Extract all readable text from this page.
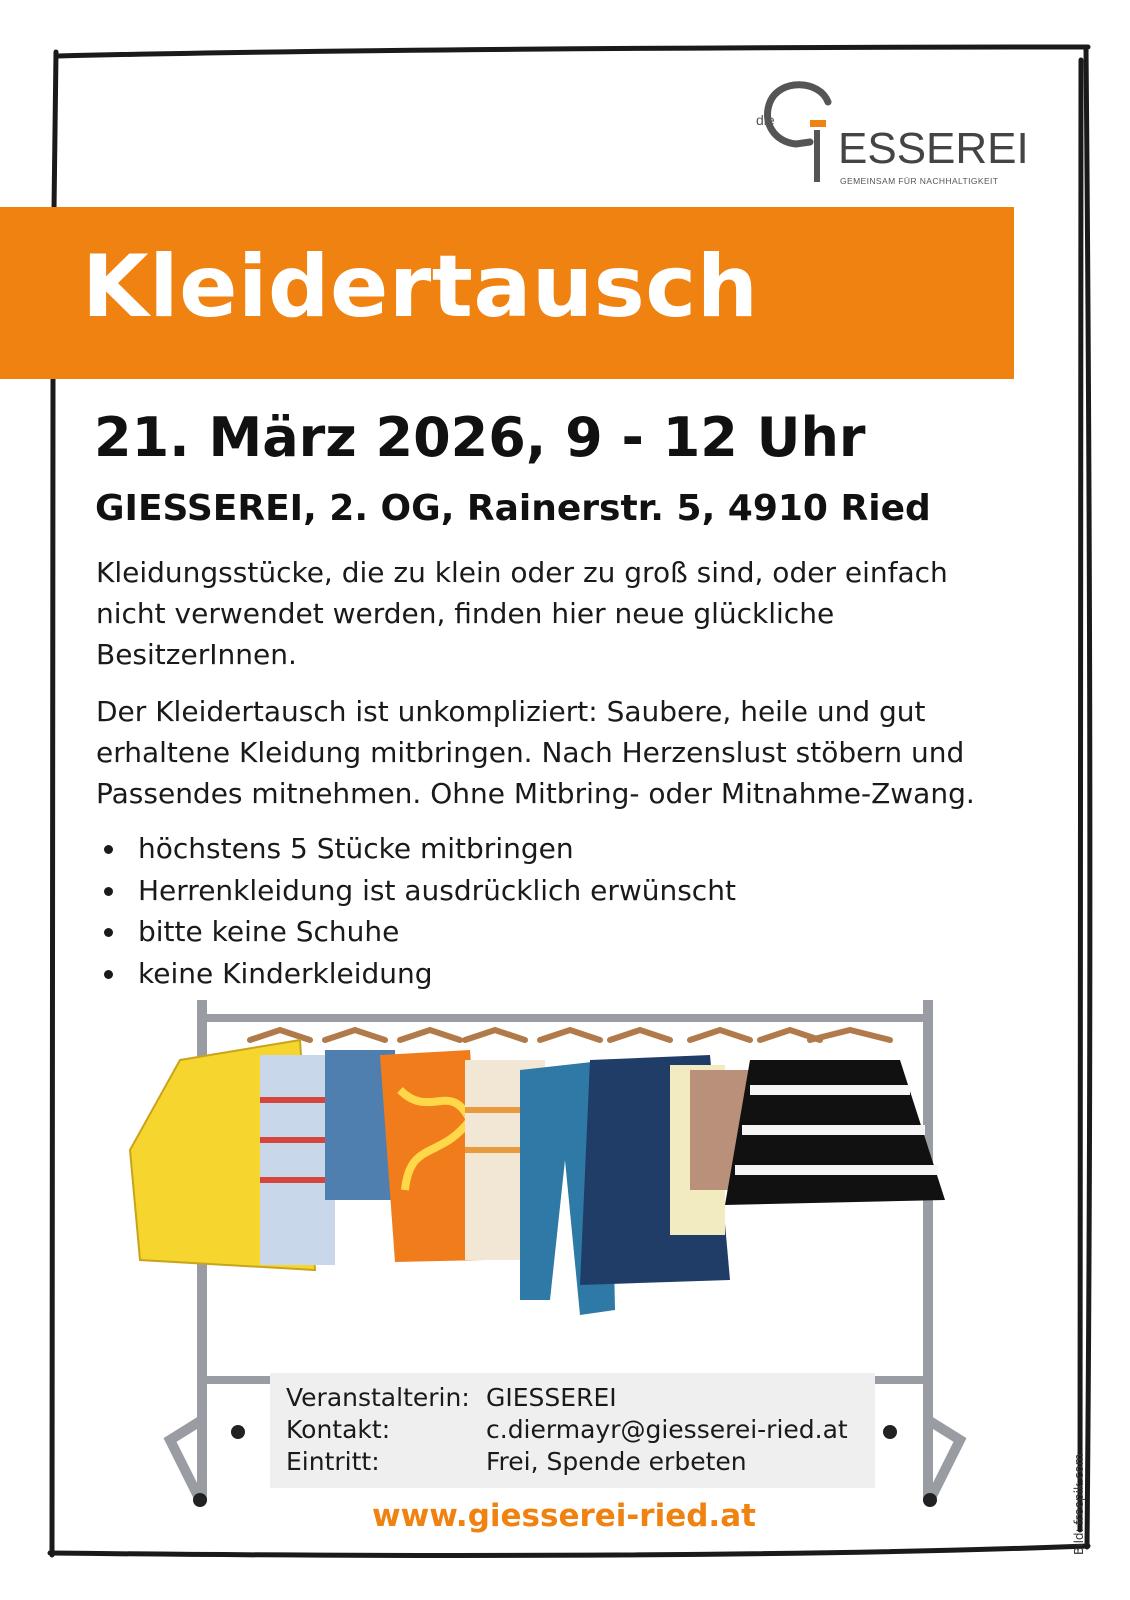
die
ESSEREI
GEMEINSAM FÜR NACHHALTIGKEIT
Kleidertausch
21. März 2026, 9 - 12 Uhr
GIESSEREI, 2. OG, Rainerstr. 5, 4910 Ried

Kleidungsstücke, die zu klein oder zu groß sind, oder einfach nicht verwendet werden, finden hier neue glückliche BesitzerInnen.

Der Kleidertausch ist unkompliziert: Saubere, heile und gut erhaltene Kleidung mitbringen. Nach Herzenslust stöbern und Passendes mitnehmen. Ohne Mitbring- oder Mitnahme-Zwang.

höchstens 5 Stücke mitbringen
Herrenkleidung ist ausdrücklich erwünscht
bitte keine Schuhe
keine Kinderkleidung
Veranstalterin: GIESSEREI
Kontakt:	c.diermayr@giesserei-ried.at
Eintritt:	Frei, Spende erbeten

www.giesserei-ried.at	Bild: freepik.com
